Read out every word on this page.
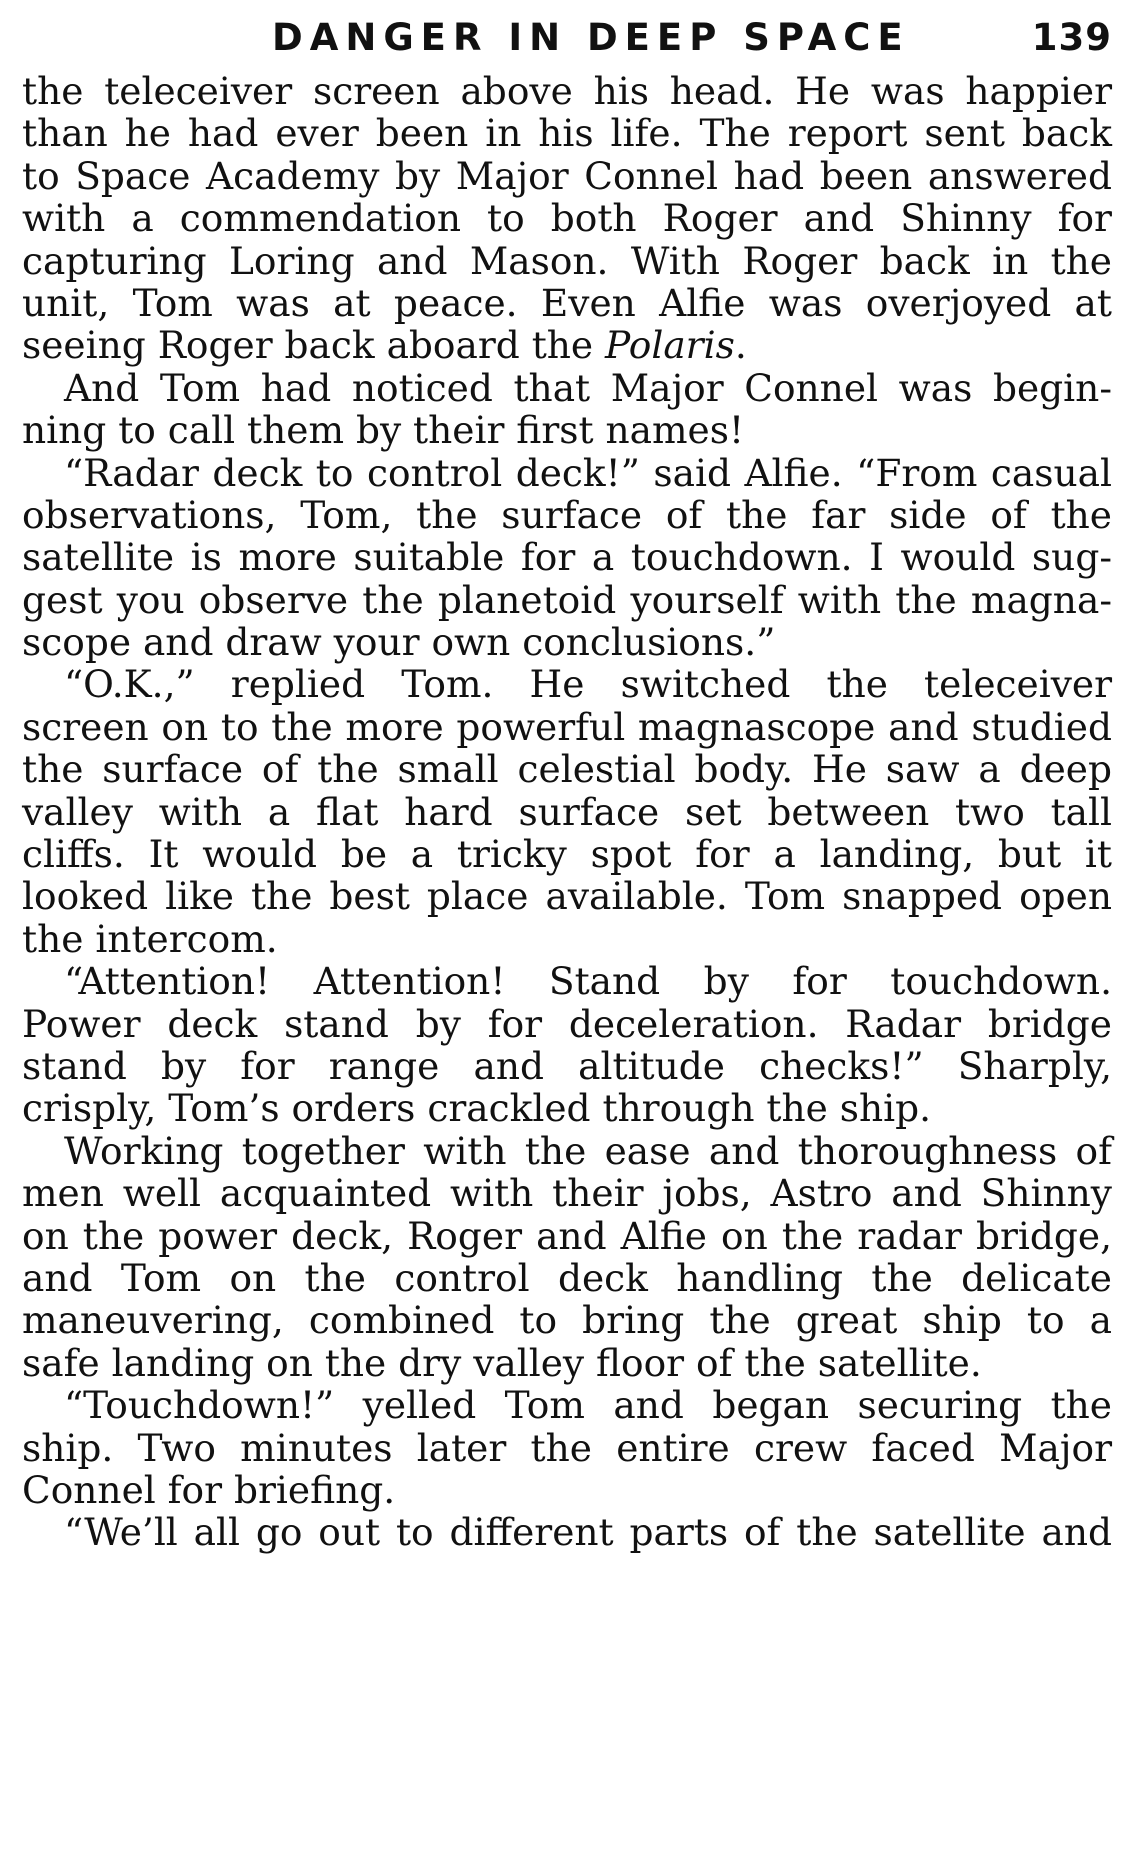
DANGER IN DEEP SPACE	139
the teleceiver screen above his head. He was happier
than he had ever been in his life. The report sent back
to Space Academy by Major Connel had been answered
with a commendation to both Roger and Shinny for
capturing Loring and Mason. With Roger back in the
unit, Tom was at peace. Even Alfie was overjoyed at
seeing Roger back aboard the Polaris.
And Tom had noticed that Major Connel was begin-
ning to call them by their first names!
“Radar deck to control deck!” said Alfie. “From casual
observations, Tom, the surface of the far side of the
satellite is more suitable for a touchdown. I would sug-
gest you observe the planetoid yourself with the magna-
scope and draw your own conclusions.”
“O.K.,” replied Tom. He switched the teleceiver
screen on to the more powerful magnascope and studied
the surface of the small celestial body. He saw a deep
valley with a flat hard surface set between two tall
cliffs. It would be a tricky spot for a landing, but it
looked like the best place available. Tom snapped open
the intercom.
“Attention! Attention! Stand by for touchdown.
Power deck stand by for deceleration. Radar bridge
stand by for range and altitude checks!” Sharply,
crisply, Tom’s orders crackled through the ship.
Working together with the ease and thoroughness of
men well acquainted with their jobs, Astro and Shinny
on the power deck, Roger and Alfie on the radar bridge,
and Tom on the control deck handling the delicate
maneuvering, combined to bring the great ship to a
safe landing on the dry valley floor of the satellite.
“Touchdown!” yelled Tom and began securing the
ship. Two minutes later the entire crew faced Major
Connel for briefing.
“We’ll all go out to different parts of the satellite and
